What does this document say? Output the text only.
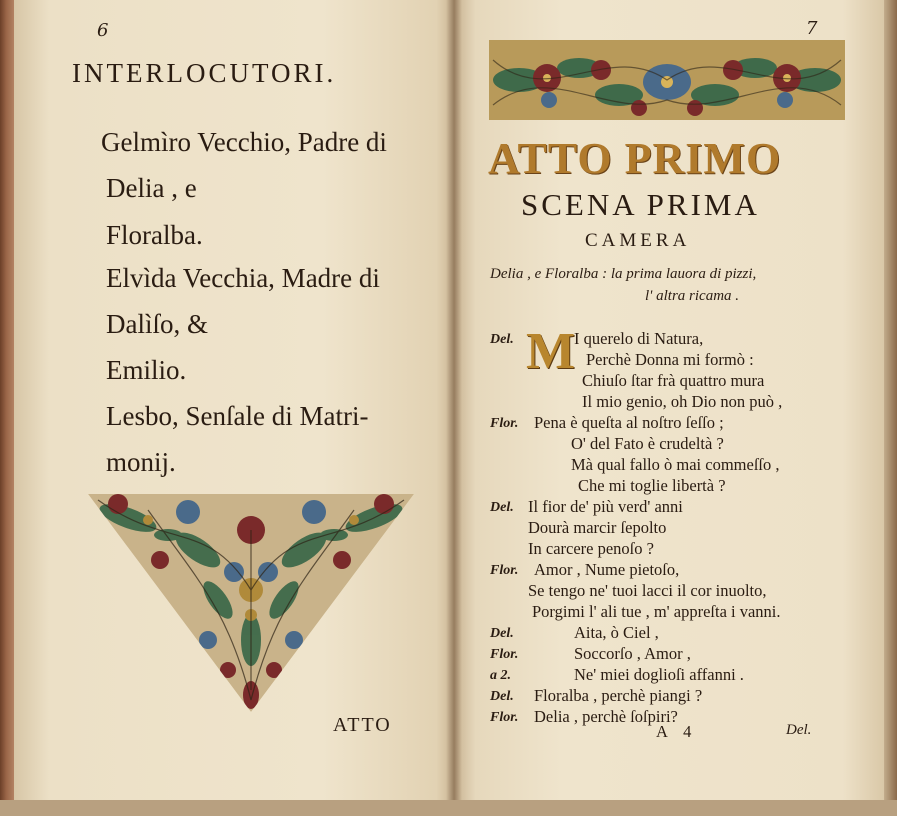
6
INTERLOCUTORI.
Gelmìro Vecchio, Padre di
Delia , e
Floralba.
Elvìda Vecchia, Madre di
Dalìſo, &
Emilio.
Lesbo, Senſale di Matri-
monij.
ATTO
7
ATTO PRIMO
SCENA PRIMA
CAMERA
Delia , e Floralba : la prima lauora di pizzi,
l' altra ricama .
M
Del.	I querelo di Natura,
Perchè Donna mi formò :
Chiuſo ſtar frà quattro mura
Il mio genio, oh Dio non può ,
Flor. Pena è queſta al noſtro ſeſſo ;
O' del Fato è crudeltà ?
Mà qual fallo ò mai commeſſo ,
Che mi toglie libertà ?
Del. Il fior de' più verd' anni
Dourà marcir ſepolto
In carcere penoſo ?
Flor. Amor , Nume pietoſo,
Se tengo ne' tuoi lacci il cor inuolto,
Porgimi l' ali tue , m' appreſta i vanni.
Del.	Aita, ò Ciel ,
Flor.	Soccorſo , Amor ,
a 2.	Ne' miei doglioſi affanni .
Del. Floralba , perchè piangi ?
Flor. Delia , perchè ſoſpiri?
A 4	Del.
